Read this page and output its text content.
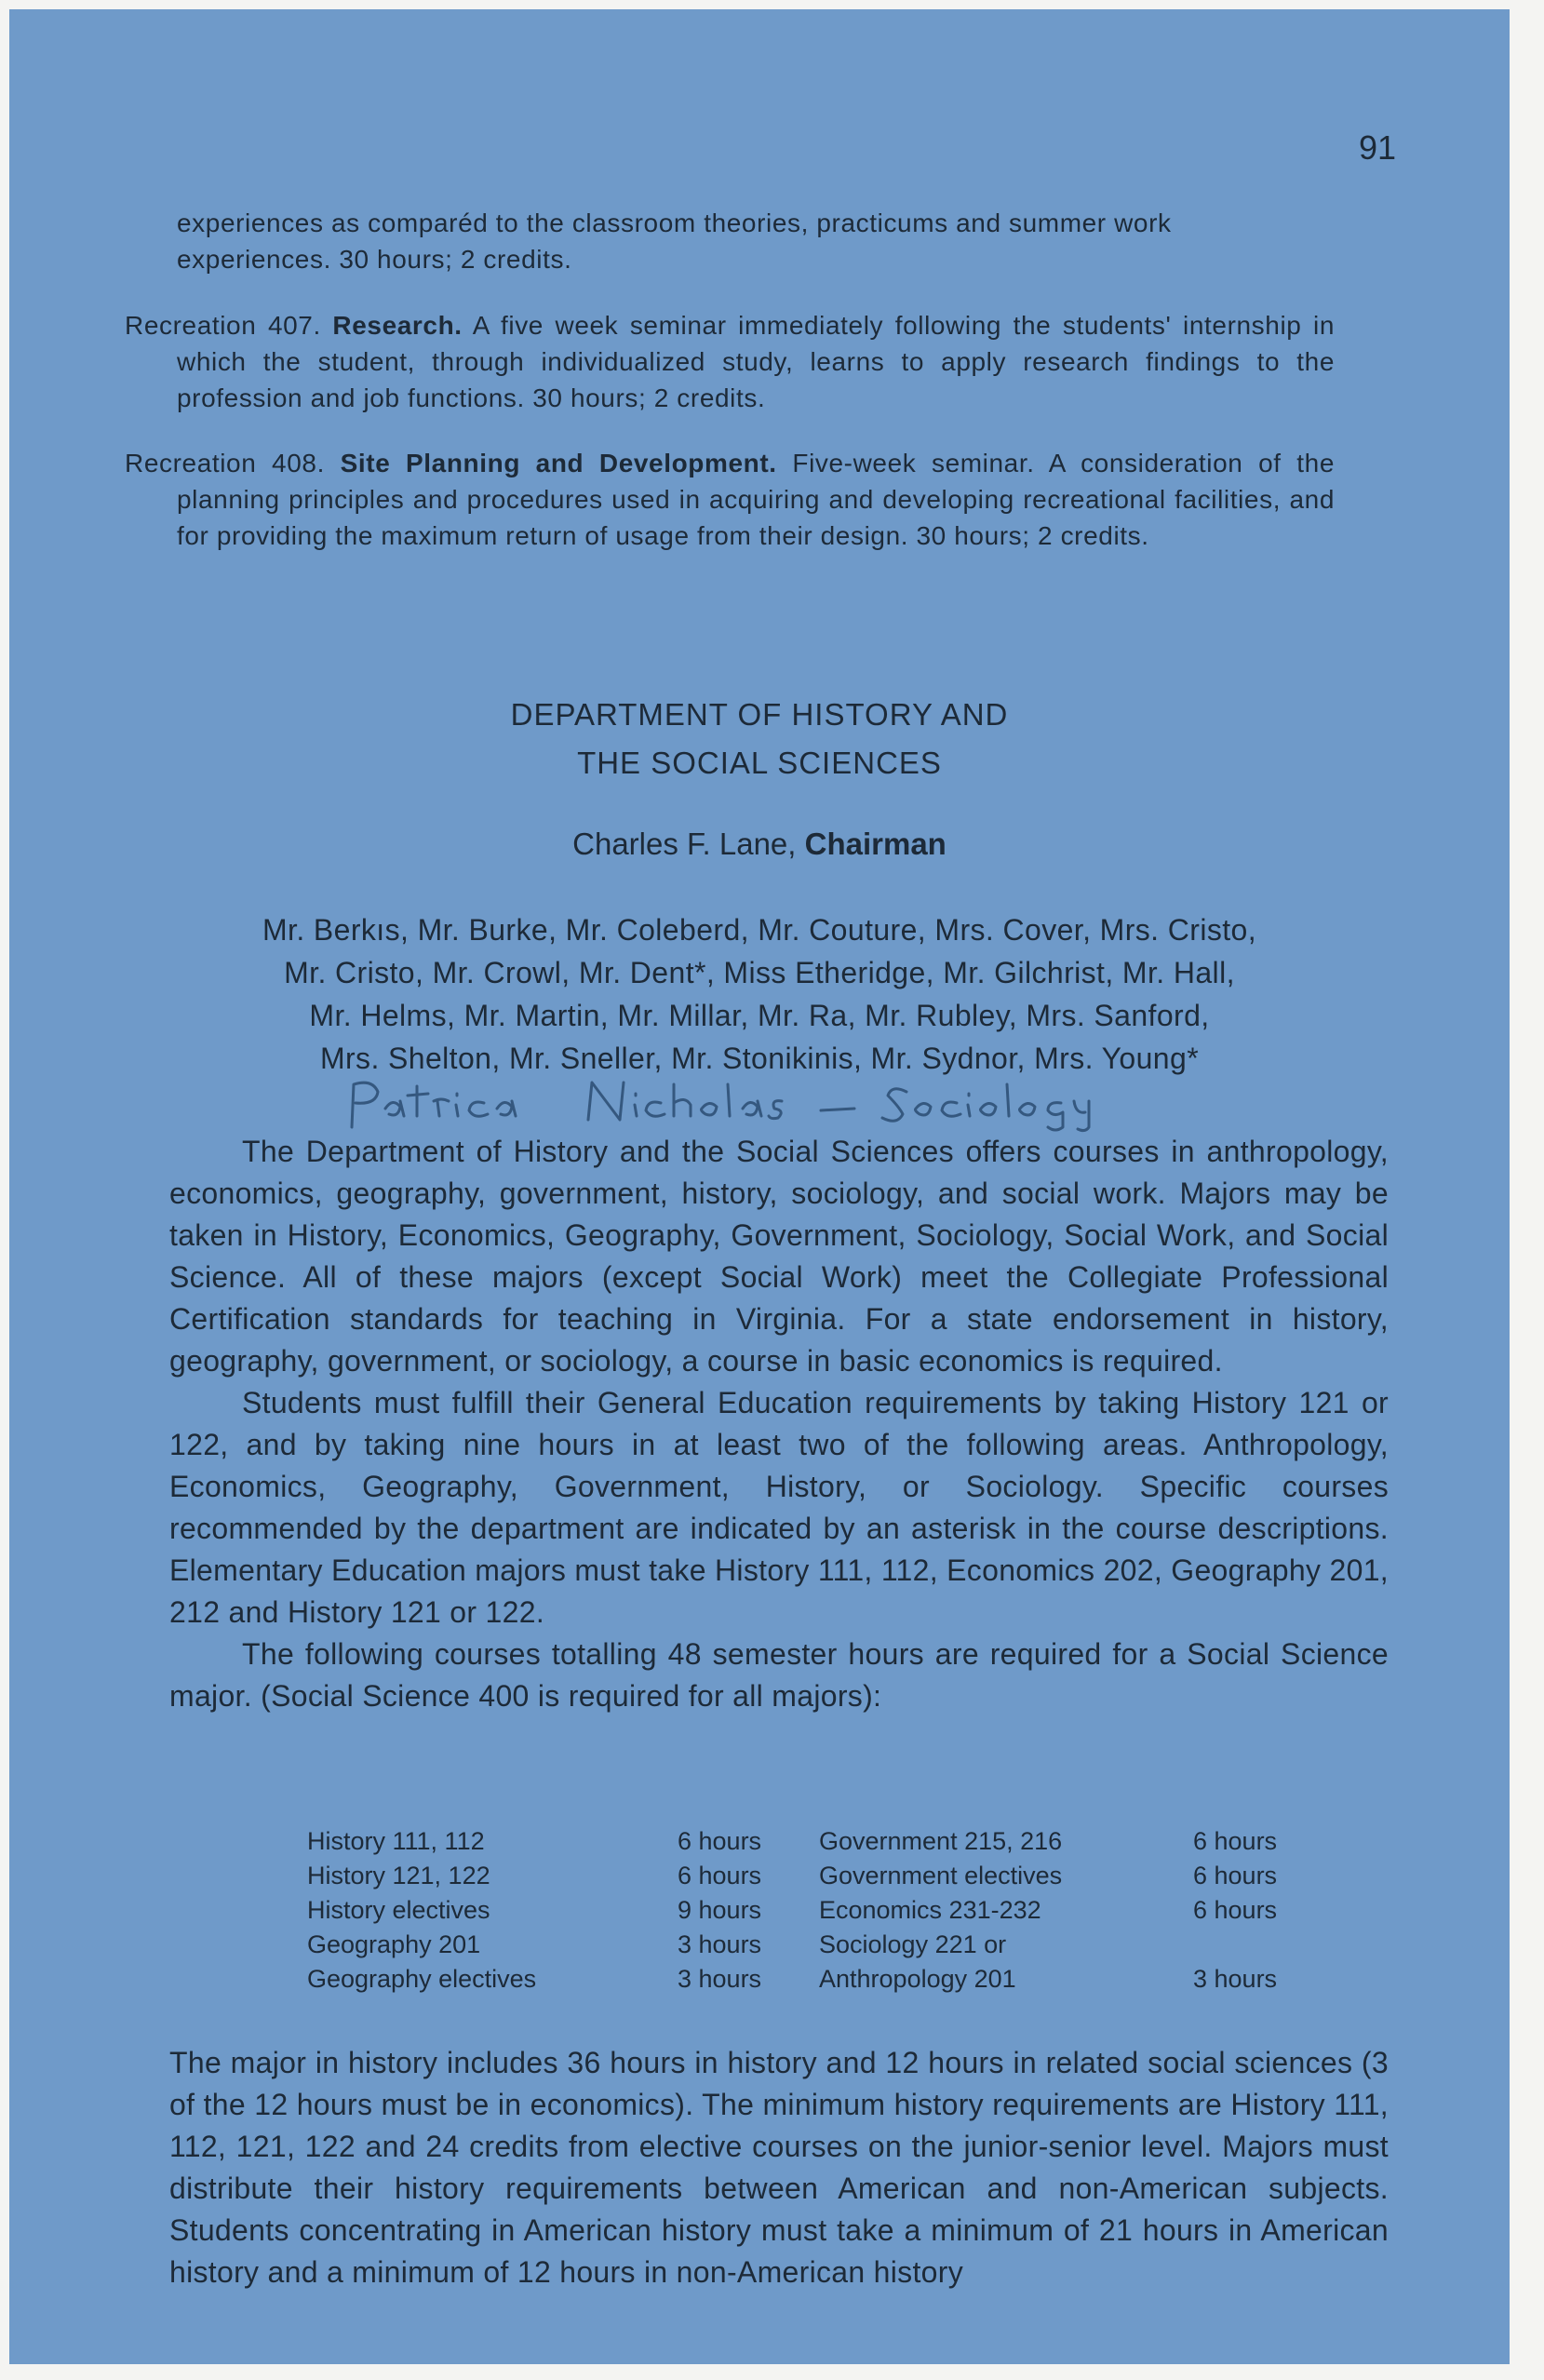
91
experiences as comparéd to the classroom theories, practicums and summer work
experiences. 30 hours; 2 credits.
Recreation 407. Research. A five week seminar immediately following the students' internship in which the student, through individualized study, learns to apply research findings to the profession and job functions. 30 hours; 2 credits.
Recreation 408. Site Planning and Development. Five-week seminar. A consideration of the planning principles and procedures used in acquiring and developing recreational facilities, and for providing the maximum return of usage from their design. 30 hours; 2 credits.
DEPARTMENT OF HISTORY AND
THE SOCIAL SCIENCES
Charles F. Lane, Chairman
Mr. Berkıs, Mr. Burke, Mr. Coleberd, Mr. Couture, Mrs. Cover, Mrs. Cristo,
Mr. Cristo, Mr. Crowl, Mr. Dent*, Miss Etheridge, Mr. Gilchrist, Mr. Hall,
Mr. Helms, Mr. Martin, Mr. Millar, Mr. Ra, Mr. Rubley, Mrs. Sanford,
Mrs. Shelton, Mr. Sneller, Mr. Stonikinis, Mr. Sydnor, Mrs. Young*

The Department of History and the Social Sciences offers courses in anthropology, economics, geography, government, history, sociology, and social work. Majors may be taken in History, Economics, Geography, Government, Sociology, Social Work, and Social Science. All of these majors (except Social Work) meet the Collegiate Professional Certification standards for teaching in Virginia. For a state endorsement in history, geography, government, or sociology, a course in basic economics is required.

Students must fulfill their General Education requirements by taking History 121 or 122, and by taking nine hours in at least two of the following areas. Anthropology, Economics, Geography, Government, History, or Sociology. Specific courses recommended by the department are indicated by an asterisk in the course descriptions. Elementary Education majors must take History 111, 112, Economics 202, Geography 201, 212 and History 121 or 122.

The following courses totalling 48 semester hours are required for a Social Science major. (Social Science 400 is required for all majors):

History 111, 112	6 hours	Government 215, 216	6 hours
History 121, 122	6 hours	Government electives	6 hours
History electives	9 hours	Economics 231-232	6 hours
Geography 201	3 hours	Sociology 221 or	
Geography electives	3 hours	Anthropology 201	3 hours

The major in history includes 36 hours in history and 12 hours in related social sciences (3 of the 12 hours must be in economics). The minimum history requirements are History 111, 112, 121, 122 and 24 credits from elective courses on the junior-senior level. Majors must distribute their history requirements between American and non-American subjects. Students concentrating in American history must take a minimum of 21 hours in American history and a minimum of 12 hours in non-American history
